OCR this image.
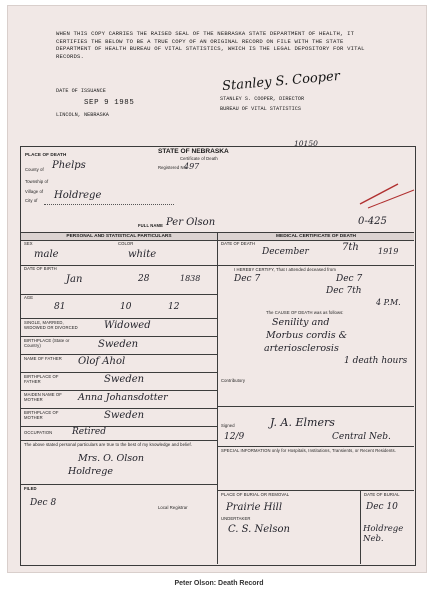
WHEN THIS COPY CARRIES THE RAISED SEAL OF THE NEBRASKA STATE DEPARTMENT OF HEALTH, IT CERTIFIES THE BELOW TO BE A TRUE COPY OF AN ORIGINAL RECORD ON FILE WITH THE STATE DEPARTMENT OF HEALTH BUREAU OF VITAL STATISTICS, WHICH IS THE LEGAL DEPOSITORY FOR VITAL RECORDS.
DATE OF ISSUANCE
SEP 9 1985
LINCOLN, NEBRASKA
Stanley S. Cooper
STANLEY S. COOPER, DIRECTOR
BUREAU OF VITAL STATISTICS
PLACE OF DEATH	STATE OF NEBRASKA
Certificate of Death
10150
Registered No.
497
County of Phelps
Township of
Village of
City of Holdrege
FULL NAME Per Olson	0-425
PERSONAL AND STATISTICAL PARTICULARS	MEDICAL CERTIFICATE OF DEATH
SEX
male
COLOR
white
DATE OF BIRTH
Jan	28	1838
AGE
81	10	12
SINGLE, MARRIED, WIDOWED OR DIVORCED	Widowed
BIRTHPLACE (State or Country)	Sweden
NAME OF FATHER Olof Ahol
BIRTHPLACE OF FATHER	Sweden
MAIDEN NAME OF MOTHER	Anna Johansdotter
BIRTHPLACE OF MOTHER	Sweden
OCCUPATION Retired
The above stated personal particulars are true to the best of my knowledge and belief.
Mrs. O. Olson
Holdrege
FILED
Dec 8	Local Registrar
DATE OF DEATH
December	7th 1919
I HEREBY CERTIFY, That I attended deceased from
Dec 7	Dec 7
Dec 7th
4 P.M.
The CAUSE OF DEATH was as follows:
Senility and
Morbus cordis &
arteriosclerosis
1 death hours
Contributory
Signed	J. A. Elmers
12/9	Central Neb.
SPECIAL INFORMATION only for Hospitals, Institutions, Transients, or Recent Residents.
PLACE OF BURIAL OR REMOVAL	DATE OF BURIAL
Prairie Hill	Dec 10
UNDERTAKER
C. S. Nelson	Holdrege Neb.
Peter Olson: Death Record
